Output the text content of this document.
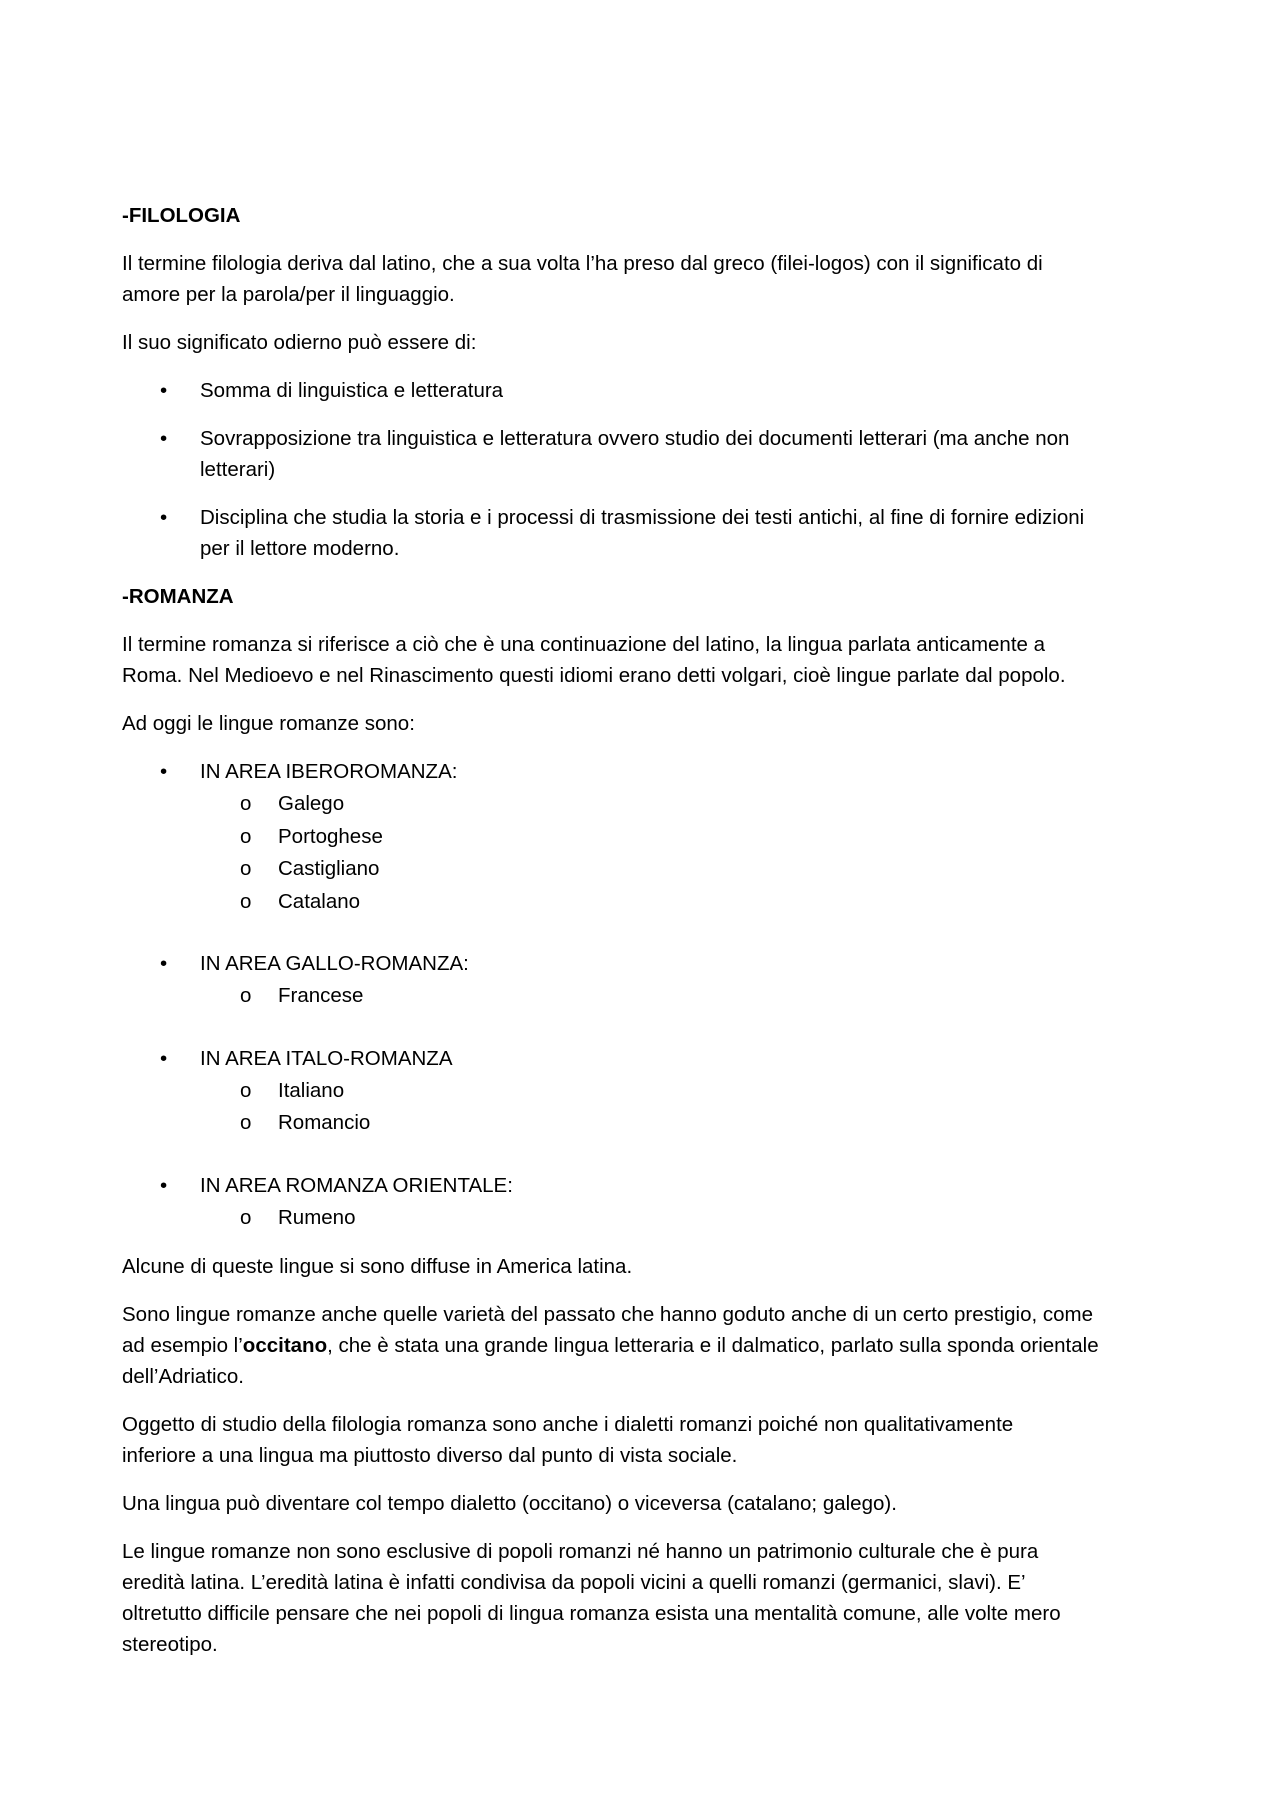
-FILOLOGIA
Il termine filologia deriva dal latino, che a sua volta l’ha preso dal greco (filei-logos) con il significato di
amore per la parola/per il linguaggio.
Il suo significato odierno può essere di:
• Somma di linguistica e letteratura
• Sovrapposizione tra linguistica e letteratura ovvero studio dei documenti letterari (ma anche non
letterari)
• Disciplina che studia la storia e i processi di trasmissione dei testi antichi, al fine di fornire edizioni
per il lettore moderno.
-ROMANZA
Il termine romanza si riferisce a ciò che è una continuazione del latino, la lingua parlata anticamente a
Roma. Nel Medioevo e nel Rinascimento questi idiomi erano detti volgari, cioè lingue parlate dal popolo.
Ad oggi le lingue romanze sono:
• IN AREA IBEROROMANZA:
o Galego
o Portoghese
o Castigliano
o Catalano
• IN AREA GALLO-ROMANZA:
o Francese
• IN AREA ITALO-ROMANZA
o Italiano
o Romancio
• IN AREA ROMANZA ORIENTALE:
o Rumeno
Alcune di queste lingue si sono diffuse in America latina.
Sono lingue romanze anche quelle varietà del passato che hanno goduto anche di un certo prestigio, come
ad esempio l’occitano, che è stata una grande lingua letteraria e il dalmatico, parlato sulla sponda orientale
dell’Adriatico.
Oggetto di studio della filologia romanza sono anche i dialetti romanzi poiché non qualitativamente
inferiore a una lingua ma piuttosto diverso dal punto di vista sociale.
Una lingua può diventare col tempo dialetto (occitano) o viceversa (catalano; galego).
Le lingue romanze non sono esclusive di popoli romanzi né hanno un patrimonio culturale che è pura
eredità latina. L’eredità latina è infatti condivisa da popoli vicini a quelli romanzi (germanici, slavi). E’
oltretutto difficile pensare che nei popoli di lingua romanza esista una mentalità comune, alle volte mero
stereotipo.
